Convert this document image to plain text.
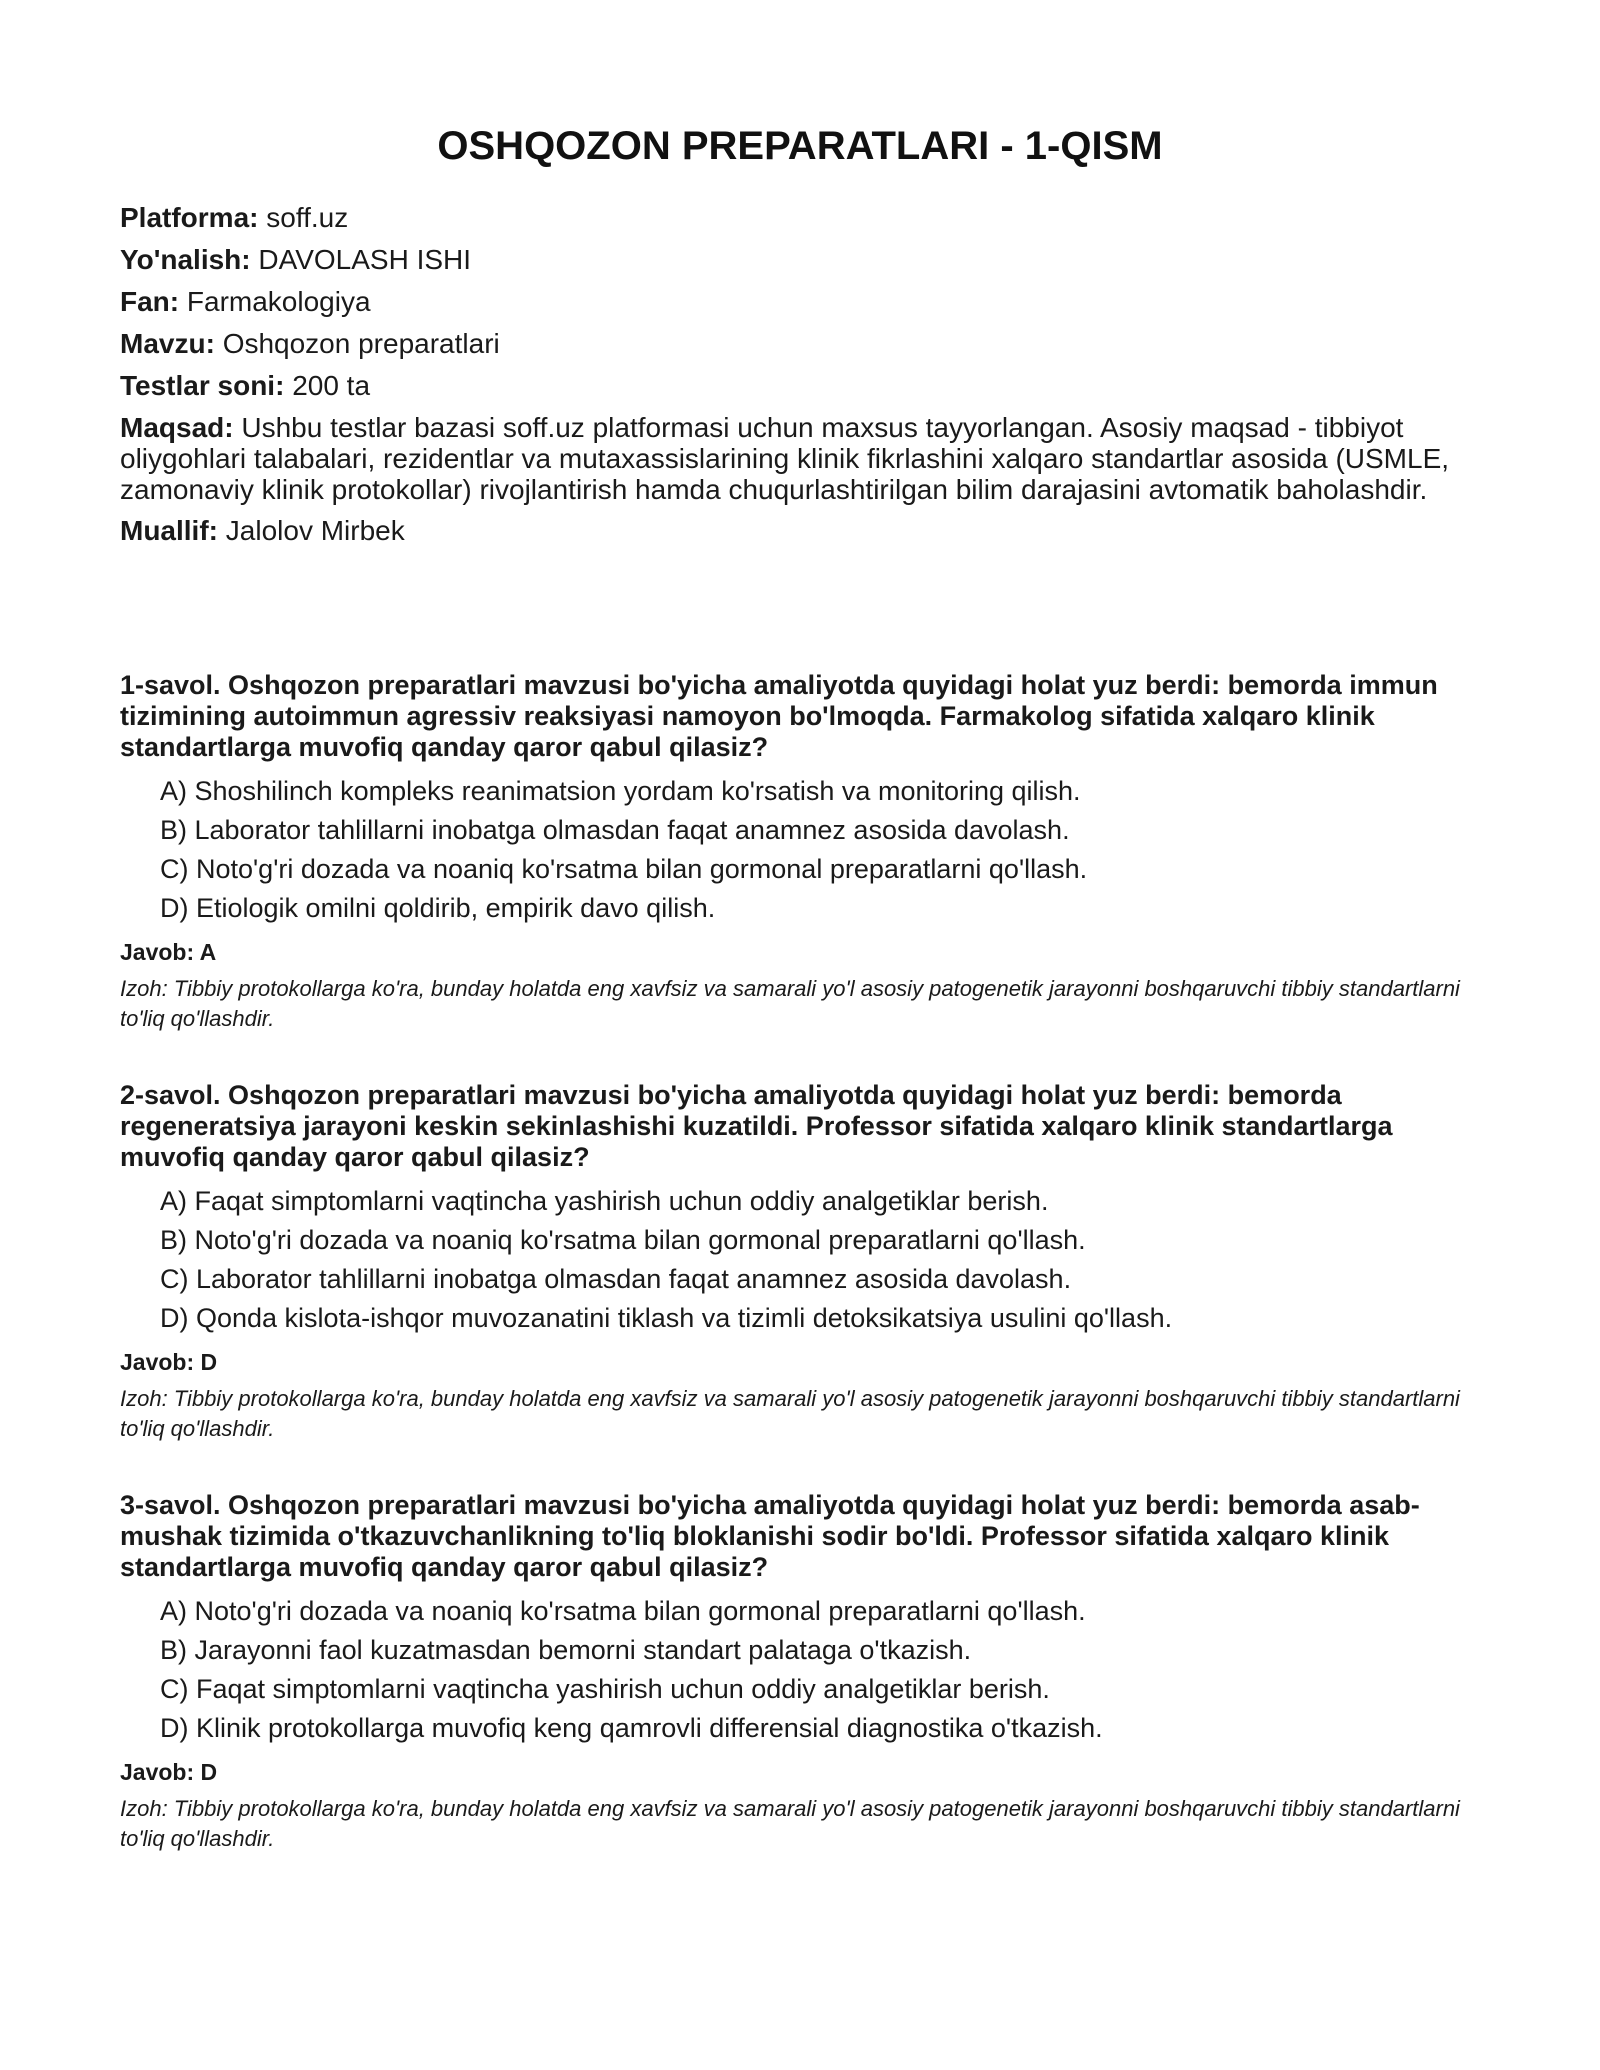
OSHQOZON PREPARATLARI - 1-QISM

Platforma: soff.uz

Yo'nalish: DAVOLASH ISHI

Fan: Farmakologiya

Mavzu: Oshqozon preparatlari

Testlar soni: 200 ta

Maqsad: Ushbu testlar bazasi soff.uz platformasi uchun maxsus tayyorlangan. Asosiy maqsad - tibbiyot oliygohlari talabalari, rezidentlar va mutaxassislarining klinik fikrlashini xalqaro standartlar asosida (USMLE, zamonaviy klinik protokollar) rivojlantirish hamda chuqurlashtirilgan bilim darajasini avtomatik baholashdir.

Muallif: Jalolov Mirbek

1-savol. Oshqozon preparatlari mavzusi bo'yicha amaliyotda quyidagi holat yuz berdi: bemorda immun tizimining autoimmun agressiv reaksiyasi namoyon bo'lmoqda. Farmakolog sifatida xalqaro klinik standartlarga muvofiq qanday qaror qabul qilasiz?

A) Shoshilinch kompleks reanimatsion yordam ko'rsatish va monitoring qilish.

B) Laborator tahlillarni inobatga olmasdan faqat anamnez asosida davolash.

C) Noto'g'ri dozada va noaniq ko'rsatma bilan gormonal preparatlarni qo'llash.

D) Etiologik omilni qoldirib, empirik davo qilish.

Javob: A

Izoh: Tibbiy protokollarga ko'ra, bunday holatda eng xavfsiz va samarali yo'l asosiy patogenetik jarayonni boshqaruvchi tibbiy standartlarni to'liq qo'llashdir.

2-savol. Oshqozon preparatlari mavzusi bo'yicha amaliyotda quyidagi holat yuz berdi: bemorda regeneratsiya jarayoni keskin sekinlashishi kuzatildi. Professor sifatida xalqaro klinik standartlarga muvofiq qanday qaror qabul qilasiz?

A) Faqat simptomlarni vaqtincha yashirish uchun oddiy analgetiklar berish.

B) Noto'g'ri dozada va noaniq ko'rsatma bilan gormonal preparatlarni qo'llash.

C) Laborator tahlillarni inobatga olmasdan faqat anamnez asosida davolash.

D) Qonda kislota-ishqor muvozanatini tiklash va tizimli detoksikatsiya usulini qo'llash.

Javob: D

Izoh: Tibbiy protokollarga ko'ra, bunday holatda eng xavfsiz va samarali yo'l asosiy patogenetik jarayonni boshqaruvchi tibbiy standartlarni to'liq qo'llashdir.

3-savol. Oshqozon preparatlari mavzusi bo'yicha amaliyotda quyidagi holat yuz berdi: bemorda asab-mushak tizimida o'tkazuvchanlikning to'liq bloklanishi sodir bo'ldi. Professor sifatida xalqaro klinik standartlarga muvofiq qanday qaror qabul qilasiz?

A) Noto'g'ri dozada va noaniq ko'rsatma bilan gormonal preparatlarni qo'llash.

B) Jarayonni faol kuzatmasdan bemorni standart palataga o'tkazish.

C) Faqat simptomlarni vaqtincha yashirish uchun oddiy analgetiklar berish.

D) Klinik protokollarga muvofiq keng qamrovli differensial diagnostika o'tkazish.

Javob: D

Izoh: Tibbiy protokollarga ko'ra, bunday holatda eng xavfsiz va samarali yo'l asosiy patogenetik jarayonni boshqaruvchi tibbiy standartlarni to'liq qo'llashdir.
